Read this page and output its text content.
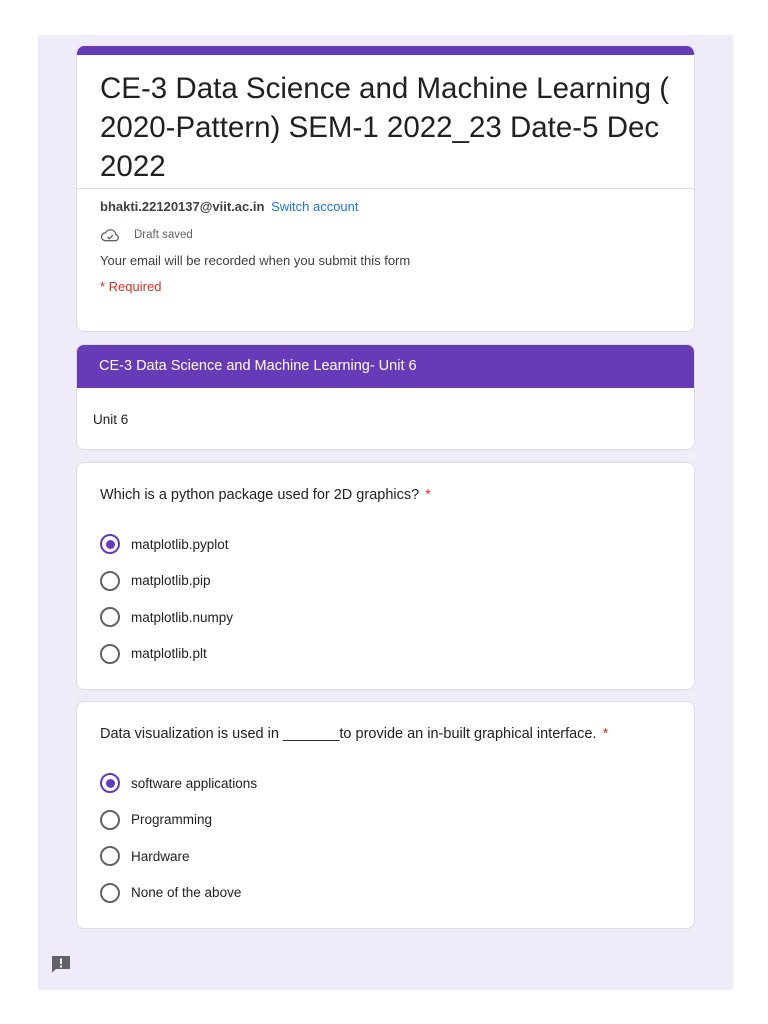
CE-3 Data Science and Machine Learning ( 2020-Pattern) SEM-1 2022_23 Date-5 Dec 2022
bhakti.22120137@viit.ac.in Switch account
Draft saved
Your email will be recorded when you submit this form
* Required
CE-3 Data Science and Machine Learning- Unit 6
Unit 6
Which is a python package used for 2D graphics? *
matplotlib.pyplot
matplotlib.pip
matplotlib.numpy
matplotlib.plt
Data visualization is used in _______to provide an in-built graphical interface. *
software applications
Programming
Hardware
None of the above
